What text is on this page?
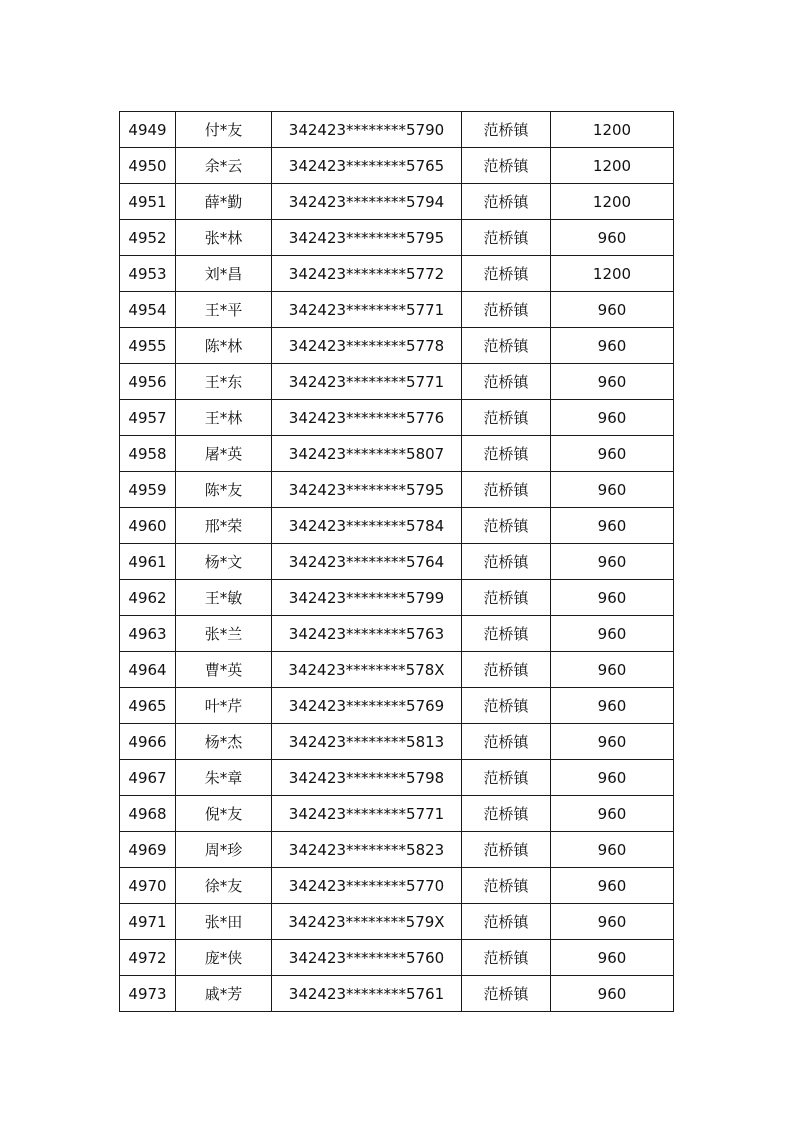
4949	付*友	342423********5790	范桥镇	1200
4950	余*云	342423********5765	范桥镇	1200
4951	薛*勤	342423********5794	范桥镇	1200
4952	张*林	342423********5795	范桥镇	960
4953	刘*昌	342423********5772	范桥镇	1200
4954	王*平	342423********5771	范桥镇	960
4955	陈*林	342423********5778	范桥镇	960
4956	王*东	342423********5771	范桥镇	960
4957	王*林	342423********5776	范桥镇	960
4958	屠*英	342423********5807	范桥镇	960
4959	陈*友	342423********5795	范桥镇	960
4960	邢*荣	342423********5784	范桥镇	960
4961	杨*文	342423********5764	范桥镇	960
4962	王*敏	342423********5799	范桥镇	960
4963	张*兰	342423********5763	范桥镇	960
4964	曹*英	342423********578X	范桥镇	960
4965	叶*芹	342423********5769	范桥镇	960
4966	杨*杰	342423********5813	范桥镇	960
4967	朱*章	342423********5798	范桥镇	960
4968	倪*友	342423********5771	范桥镇	960
4969	周*珍	342423********5823	范桥镇	960
4970	徐*友	342423********5770	范桥镇	960
4971	张*田	342423********579X	范桥镇	960
4972	庞*侠	342423********5760	范桥镇	960
4973	戚*芳	342423********5761	范桥镇	960
